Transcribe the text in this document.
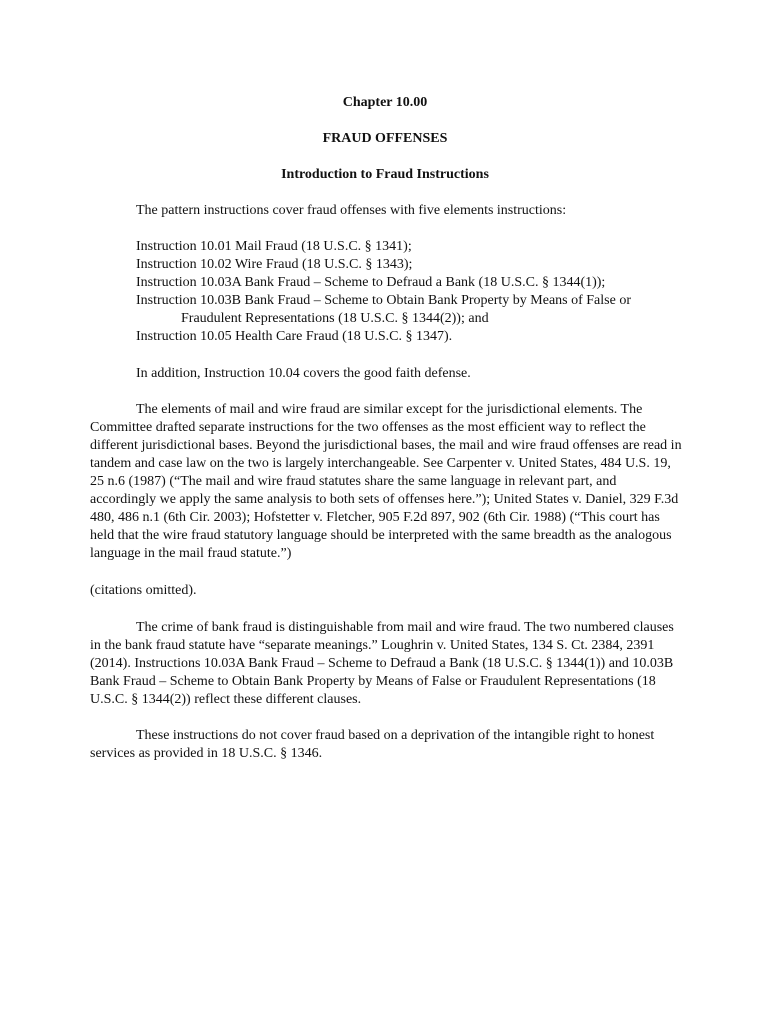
Chapter 10.00

FRAUD OFFENSES

Introduction to Fraud Instructions

The pattern instructions cover fraud offenses with five elements instructions:

Instruction 10.01 Mail Fraud (18 U.S.C. § 1341);
Instruction 10.02 Wire Fraud (18 U.S.C. § 1343);
Instruction 10.03A Bank Fraud – Scheme to Defraud a Bank (18 U.S.C. § 1344(1));
Instruction 10.03B Bank Fraud – Scheme to Obtain Bank Property by Means of False or
Fraudulent Representations (18 U.S.C. § 1344(2)); and
Instruction 10.05 Health Care Fraud (18 U.S.C. § 1347).

In addition, Instruction 10.04 covers the good faith defense.

The elements of mail and wire fraud are similar except for the jurisdictional elements. The Committee drafted separate instructions for the two offenses as the most efficient way to reflect the different jurisdictional bases. Beyond the jurisdictional bases, the mail and wire fraud offenses are read in tandem and case law on the two is largely interchangeable. See Carpenter v. United States, 484 U.S. 19, 25 n.6 (1987) (“The mail and wire fraud statutes share the same language in relevant part, and accordingly we apply the same analysis to both sets of offenses here.”); United States v. Daniel, 329 F.3d 480, 486 n.1 (6th Cir. 2003); Hofstetter v. Fletcher, 905 F.2d 897, 902 (6th Cir. 1988) (“This court has held that the wire fraud statutory language should be interpreted with the same breadth as the analogous language in the mail fraud statute.”)

(citations omitted).

The crime of bank fraud is distinguishable from mail and wire fraud. The two numbered clauses in the bank fraud statute have “separate meanings.” Loughrin v. United States, 134 S. Ct. 2384, 2391 (2014). Instructions 10.03A Bank Fraud – Scheme to Defraud a Bank (18 U.S.C. § 1344(1)) and 10.03B Bank Fraud – Scheme to Obtain Bank Property by Means of False or Fraudulent Representations (18 U.S.C. § 1344(2)) reflect these different clauses.

These instructions do not cover fraud based on a deprivation of the intangible right to honest services as provided in 18 U.S.C. § 1346.
